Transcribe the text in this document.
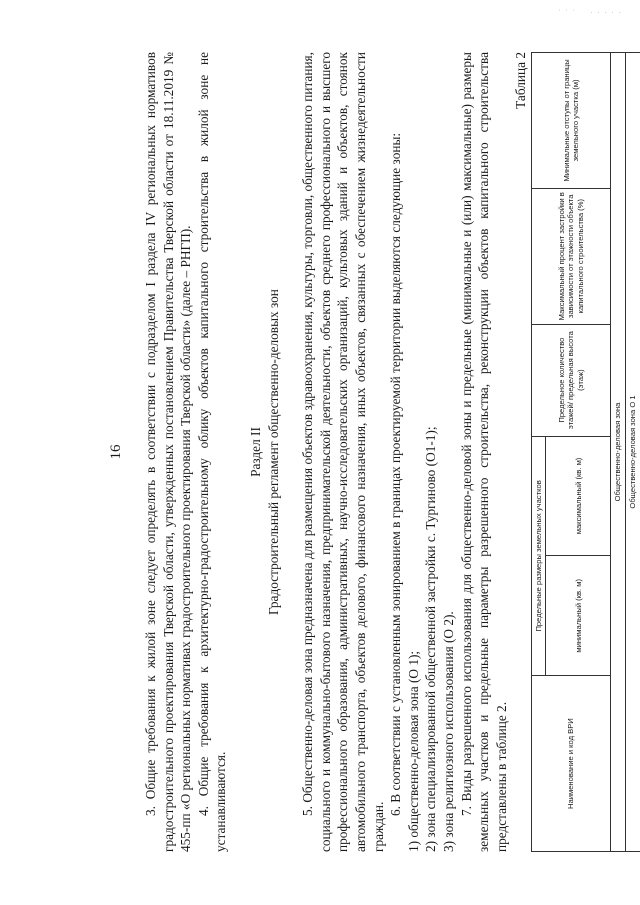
· · ·    . . . . .
16 3. Общие требования к жилой зоне следует определять в соответствии с подразделом I раздела IV региональных нормативов градостроительного проектирования Тверской области, утвержденных постановлением Правительства Тверской области от 18.11.2019 № 455-пп «О региональных нормативах градостроительного проектирования Тверской области» (далее – РНГП). 4. Общие требования к архитектурно-градостроительному облику объектов капитального строительства в жилой зоне не устанавливаются.

Раздел II Градостроительный регламент общественно-деловых зон 5. Общественно-деловая зона предназначена для размещения объектов здравоохранения, культуры, торговли, общественного питания, социального и коммунально-бытового назначения, предпринимательской деятельности, объектов среднего профессионального и высшего профессионального образования, административных, научно-исследовательских организаций, культовых зданий и объектов, стоянок автомобильного транспорта, объектов делового, финансового назначения, иных объектов, связанных с обеспечением жизнедеятельности граждан.

6. В соответствии с установленным зонированием в границах проектируемой территории выделяются следующие зоны: 1) общественно-деловая зона (О 1); 2) зона специализированной общественной застройки с. Тургиново (О1-1); 3) зона религиозного использования (О 2). 7. Виды разрешенного использования для общественно-деловой зоны и предельные (минимальные и (или) максимальные) размеры земельных участков и предельные параметры разрешенного строительства, реконструкции объектов капитального строительства представлены в таблице 2.

Таблица 2
Наименование и код ВРИ	Предельные размеры земельных участков		Предельное количество этажей/ предельная высота (этаж)	Максимальный процент застройки в зависимости от этажности объекта капитального строительства (%)	Минимальные отступы от границы земельного участка (м)
	минимальный (кв. м)	максимальный (кв. м)			
Общественно-деловая зона					
Общественно-деловая зона О 1					
